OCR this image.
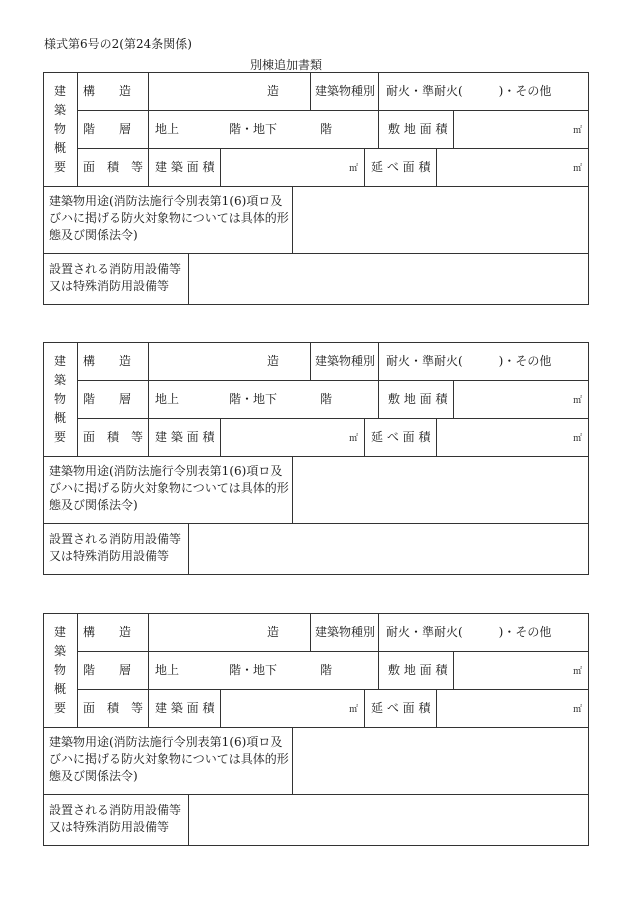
様式第6号の2(第24条関係)
別棟追加書類
建
築
物
概
要
構　　造	造	建築物種別 耐火・準耐火(　　　)・その他
階　　層 地上	階・地下	階	敷 地 面 積	㎡
面　積　等 建 築 面 積	㎡ 延 べ 面 積	㎡
建築物用途(消防法施行令別表第1(6)項ロ及
びハに掲げる防火対象物については具体的形
態及び関係法令)
設置される消防用設備等
又は特殊消防用設備等
建
築
物
概
要
構　　造	造	建築物種別 耐火・準耐火(　　　)・その他
階　　層 地上	階・地下	階	敷 地 面 積	㎡
面　積　等 建 築 面 積	㎡ 延 べ 面 積	㎡
建築物用途(消防法施行令別表第1(6)項ロ及
びハに掲げる防火対象物については具体的形
態及び関係法令)
設置される消防用設備等
又は特殊消防用設備等
建
築
物
概
要
構　　造	造	建築物種別 耐火・準耐火(　　　)・その他
階　　層 地上	階・地下	階	敷 地 面 積	㎡
面　積　等 建 築 面 積	㎡ 延 べ 面 積	㎡
建築物用途(消防法施行令別表第1(6)項ロ及
びハに掲げる防火対象物については具体的形
態及び関係法令)
設置される消防用設備等
又は特殊消防用設備等
